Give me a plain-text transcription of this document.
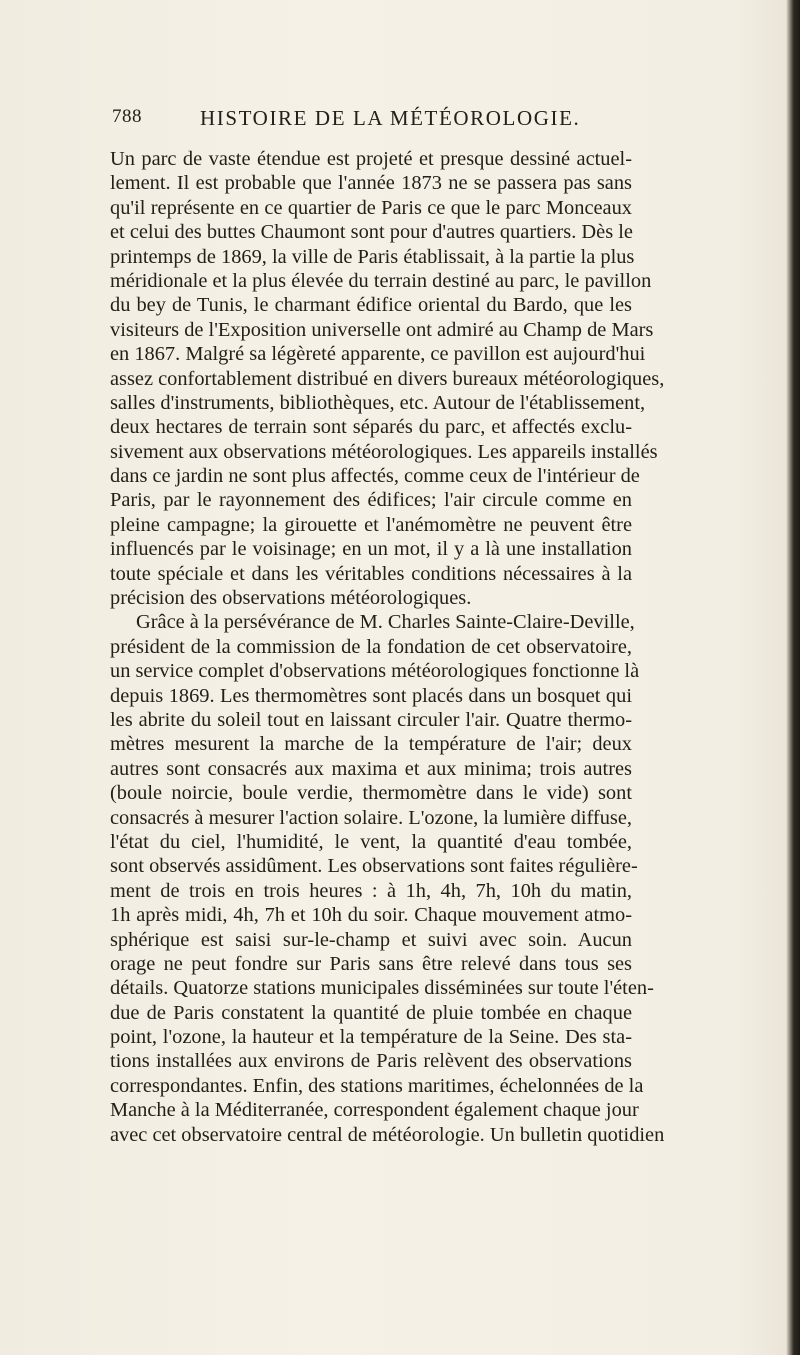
788	HISTOIRE DE LA MÉTÉOROLOGIE.
Un parc de vaste étendue est projeté et presque dessiné actuel-
lement. Il est probable que l'année 1873 ne se passera pas sans
qu'il représente en ce quartier de Paris ce que le parc Monceaux
et celui des buttes Chaumont sont pour d'autres quartiers. Dès le
printemps de 1869, la ville de Paris établissait, à la partie la plus
méridionale et la plus élevée du terrain destiné au parc, le pavillon
du bey de Tunis, le charmant édifice oriental du Bardo, que les
visiteurs de l'Exposition universelle ont admiré au Champ de Mars
en 1867. Malgré sa légèreté apparente, ce pavillon est aujourd'hui
assez confortablement distribué en divers bureaux météorologiques,
salles d'instruments, bibliothèques, etc. Autour de l'établissement,
deux hectares de terrain sont séparés du parc, et affectés exclu-
sivement aux observations météorologiques. Les appareils installés
dans ce jardin ne sont plus affectés, comme ceux de l'intérieur de
Paris, par le rayonnement des édifices; l'air circule comme en
pleine campagne; la girouette et l'anémomètre ne peuvent être
influencés par le voisinage; en un mot, il y a là une installation
toute spéciale et dans les véritables conditions nécessaires à la
précision des observations météorologiques.
Grâce à la persévérance de M. Charles Sainte-Claire-Deville,
président de la commission de la fondation de cet observatoire,
un service complet d'observations météorologiques fonctionne là
depuis 1869. Les thermomètres sont placés dans un bosquet qui
les abrite du soleil tout en laissant circuler l'air. Quatre thermo-
mètres mesurent la marche de la température de l'air; deux
autres sont consacrés aux maxima et aux minima; trois autres
(boule noircie, boule verdie, thermomètre dans le vide) sont
consacrés à mesurer l'action solaire. L'ozone, la lumière diffuse,
l'état du ciel, l'humidité, le vent, la quantité d'eau tombée,
sont observés assidûment. Les observations sont faites régulière-
ment de trois en trois heures : à 1h, 4h, 7h, 10h du matin,
1h après midi, 4h, 7h et 10h du soir. Chaque mouvement atmo-
sphérique est saisi sur-le-champ et suivi avec soin. Aucun
orage ne peut fondre sur Paris sans être relevé dans tous ses
détails. Quatorze stations municipales disséminées sur toute l'éten-
due de Paris constatent la quantité de pluie tombée en chaque
point, l'ozone, la hauteur et la température de la Seine. Des sta-
tions installées aux environs de Paris relèvent des observations
correspondantes. Enfin, des stations maritimes, échelonnées de la
Manche à la Méditerranée, correspondent également chaque jour
avec cet observatoire central de météorologie. Un bulletin quotidien
